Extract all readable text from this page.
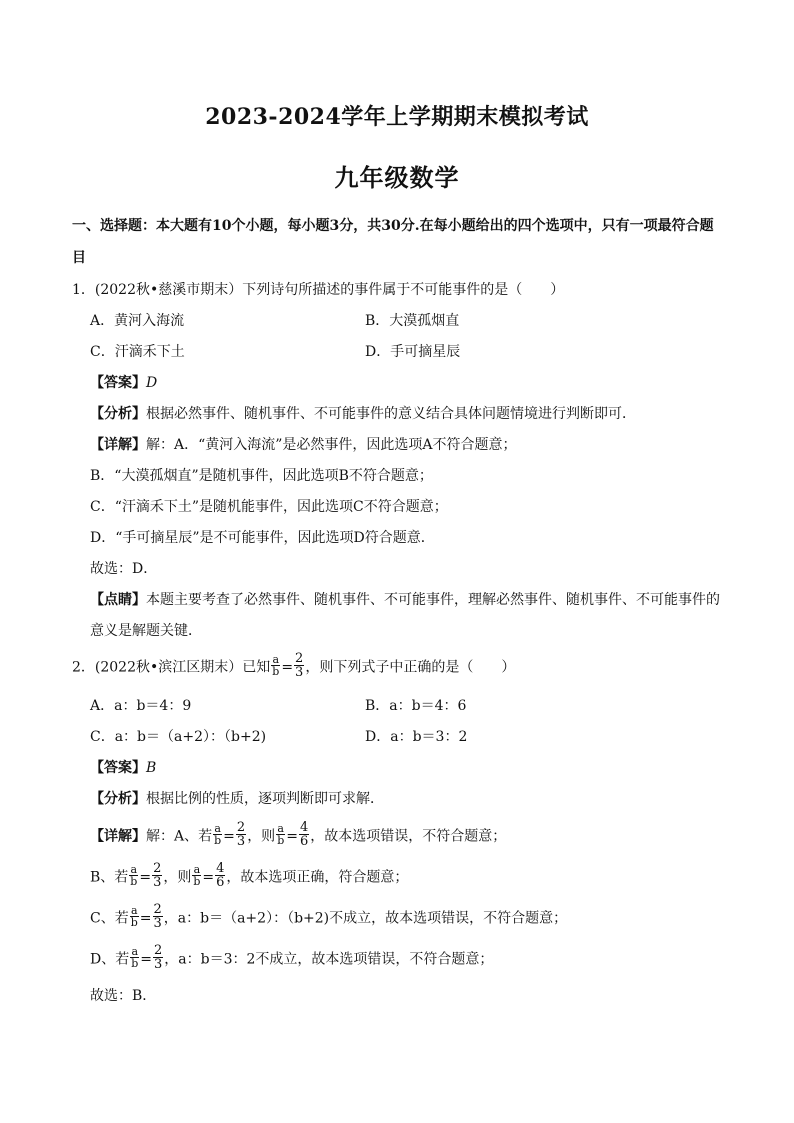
2023-2024学年上学期期末模拟考试
九年级数学
一、选择题：本大题有10个小题，每小题3分，共30分.在每小题给出的四个选项中，只有一项最符合题
目
1．(2022秋•慈溪市期末）下列诗句所描述的事件属于不可能事件的是（　　）
A．黄河入海流	B．大漠孤烟直
C．汗滴禾下土	D．手可摘星辰
【答案】D
【分析】根据必然事件、随机事件、不可能事件的意义结合具体问题情境进行判断即可．
【详解】解：A．“黄河入海流”是必然事件，因此选项A不符合题意；
B．“大漠孤烟直”是随机事件，因此选项B不符合题意；
C．“汗滴禾下土”是随机能事件，因此选项C不符合题意；
D．“手可摘星辰”是不可能事件，因此选项D符合题意．
故选：D．
【点睛】本题主要考查了必然事件、随机事件、不可能事件，理解必然事件、随机事件、不可能事件的
意义是解题关键．
2．(2022秋•滨江区期末）已知 $\frac{a}{b} = \frac{2}{3}$ ，则下列式子中正确的是（　　）
A．a：b＝4：9	B．a：b＝4：6
C．a：b＝（a+2）：（b+2)	D．a：b＝3：2
【答案】B
【分析】根据比例的性质，逐项判断即可求解．
【详解】解：A、若 $\frac{a}{b} = \frac{2}{3}$ ，则 $\frac{a}{b} = \frac{4}{6}$ ，故本选项错误，不符合题意；
B、若 $\frac{a}{b} = \frac{2}{3}$ ，则 $\frac{a}{b} = \frac{4}{6}$ ，故本选项正确，符合题意；
C、若 $\frac{a}{b} = \frac{2}{3}$ ，a：b＝（a+2）：（b+2)不成立，故本选项错误，不符合题意；
D、若 $\frac{a}{b} = \frac{2}{3}$ ，a：b＝3：2不成立，故本选项错误，不符合题意；
故选：B．
